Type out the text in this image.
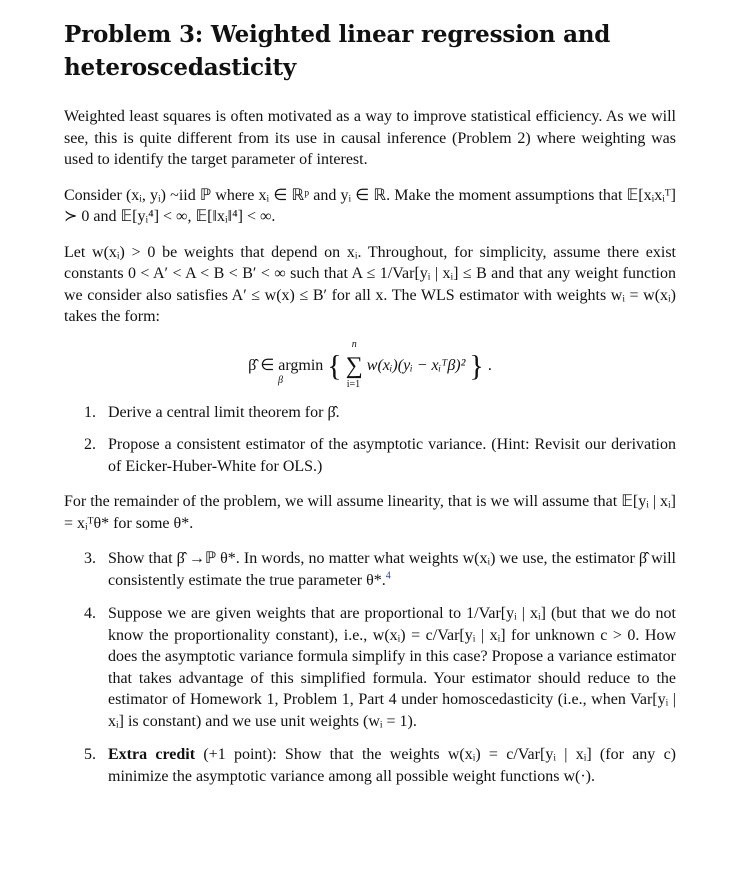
Problem 3: Weighted linear regression and heteroscedasticity

Weighted least squares is often motivated as a way to improve statistical efficiency. As we will see, this is quite different from its use in causal inference (Problem 2) where weighting was used to identify the target parameter of interest.

Consider (xᵢ, yᵢ) ~iid ℙ where xᵢ ∈ ℝᵖ and yᵢ ∈ ℝ. Make the moment assumptions that 𝔼[xᵢxᵢᵀ] ≻ 0 and 𝔼[yᵢ⁴] < ∞, 𝔼[‖xᵢ‖⁴] < ∞.

Let w(xᵢ) > 0 be weights that depend on xᵢ. Throughout, for simplicity, assume there exist constants 0 < A′ < A < B < B′ < ∞ such that A ≤ 1/Var[yᵢ | xᵢ] ≤ B and that any weight function we consider also satisfies A′ ≤ w(x) ≤ B′ for all x. The WLS estimator with weights wᵢ = w(xᵢ) takes the form:

β̂ ∈ argmin { ∑
n
i=1
w(xᵢ)(yᵢ − xᵢᵀβ)² } .
β
1. Derive a central limit theorem for β̂.

2. Propose a consistent estimator of the asymptotic variance. (Hint: Revisit our derivation of Eicker-Huber-White for OLS.)

For the remainder of the problem, we will assume linearity, that is we will assume that 𝔼[yᵢ | xᵢ] = xᵢᵀθ* for some θ*.

3. Show that β̂ →ℙ θ*. In words, no matter what weights w(xᵢ) we use, the estimator β̂ will consistently estimate the true parameter θ*.$^4$

4. Suppose we are given weights that are proportional to 1/Var[yᵢ | xᵢ] (but that we do not know the proportionality constant), i.e., w(xᵢ) = c/Var[yᵢ | xᵢ] for unknown c > 0. How does the asymptotic variance formula simplify in this case? Propose a variance estimator that takes advantage of this simplified formula. Your estimator should reduce to the estimator of Homework 1, Problem 1, Part 4 under homoscedasticity (i.e., when Var[yᵢ | xᵢ] is constant) and we use unit weights (wᵢ = 1).

5. Extra credit (+1 point): Show that the weights w(xᵢ) = c/Var[yᵢ | xᵢ] (for any c) minimize the asymptotic variance among all possible weight functions w(·).
